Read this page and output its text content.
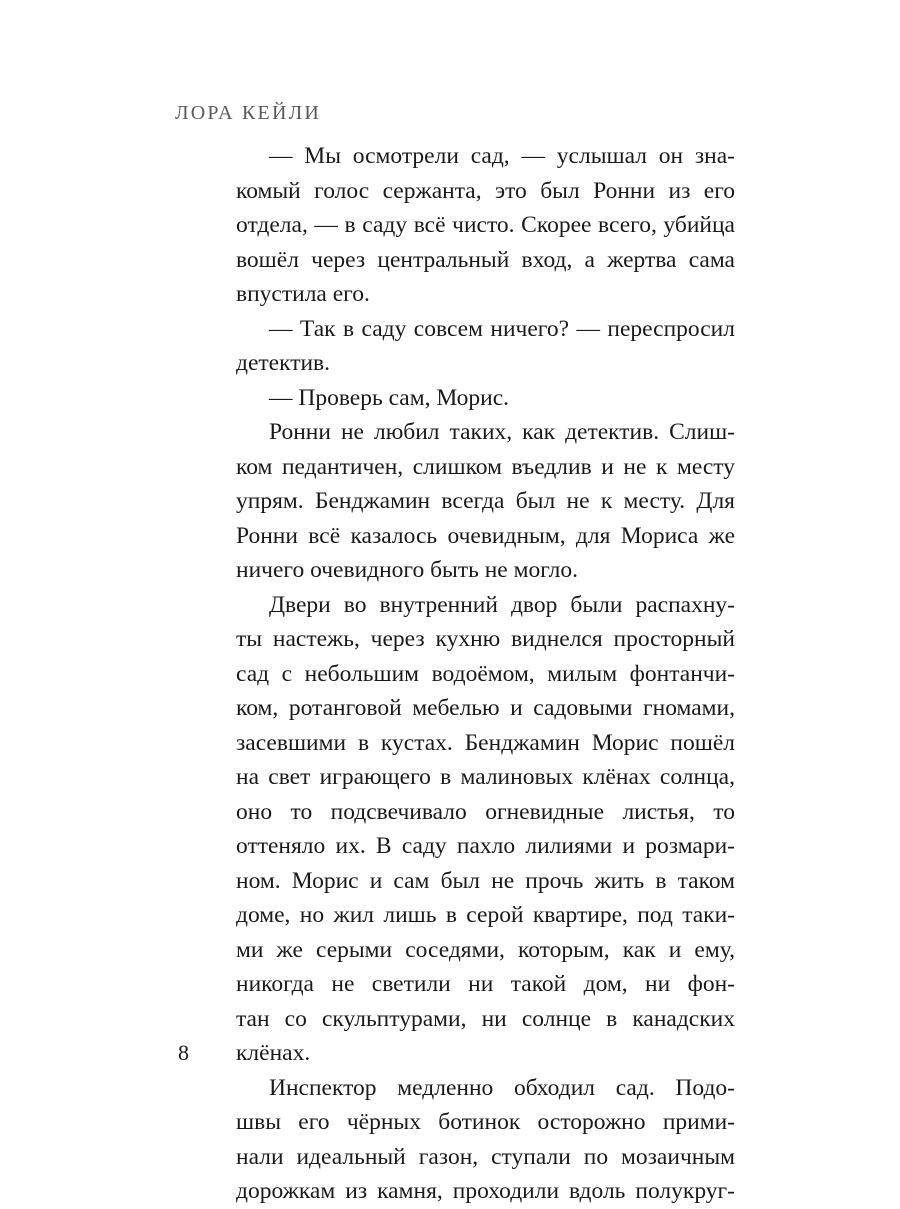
ЛОРА КЕЙЛИ
— Мы осмотрели сад, — услышал он зна-
комый голос сержанта, это был Ронни из его
отдела, — в саду всё чисто. Скорее всего, убийца
вошёл через центральный вход, а жертва сама
впустила его.
— Так в саду совсем ничего? — переспросил
детектив.
— Проверь сам, Морис.
Ронни не любил таких, как детектив. Слиш-
ком педантичен, слишком въедлив и не к месту
упрям. Бенджамин всегда был не к месту. Для
Ронни всё казалось очевидным, для Мориса же
ничего очевидного быть не могло.
Двери во внутренний двор были распахну-
ты настежь, через кухню виднелся просторный
сад с небольшим водоёмом, милым фонтанчи-
ком, ротанговой мебелью и садовыми гномами,
засевшими в кустах. Бенджамин Морис пошёл
на свет играющего в малиновых клёнах солнца,
оно то подсвечивало огневидные листья, то
оттеняло их. В саду пахло лилиями и розмари-
ном. Морис и сам был не прочь жить в таком
доме, но жил лишь в серой квартире, под таки-
ми же серыми соседями, которым, как и ему,
никогда не светили ни такой дом, ни фон-
тан со скульптурами, ни солнце в канадских
клёнах.
Инспектор медленно обходил сад. Подо-
швы его чёрных ботинок осторожно прими-
нали идеальный газон, ступали по мозаичным
дорожкам из камня, проходили вдоль полукруг-
8
